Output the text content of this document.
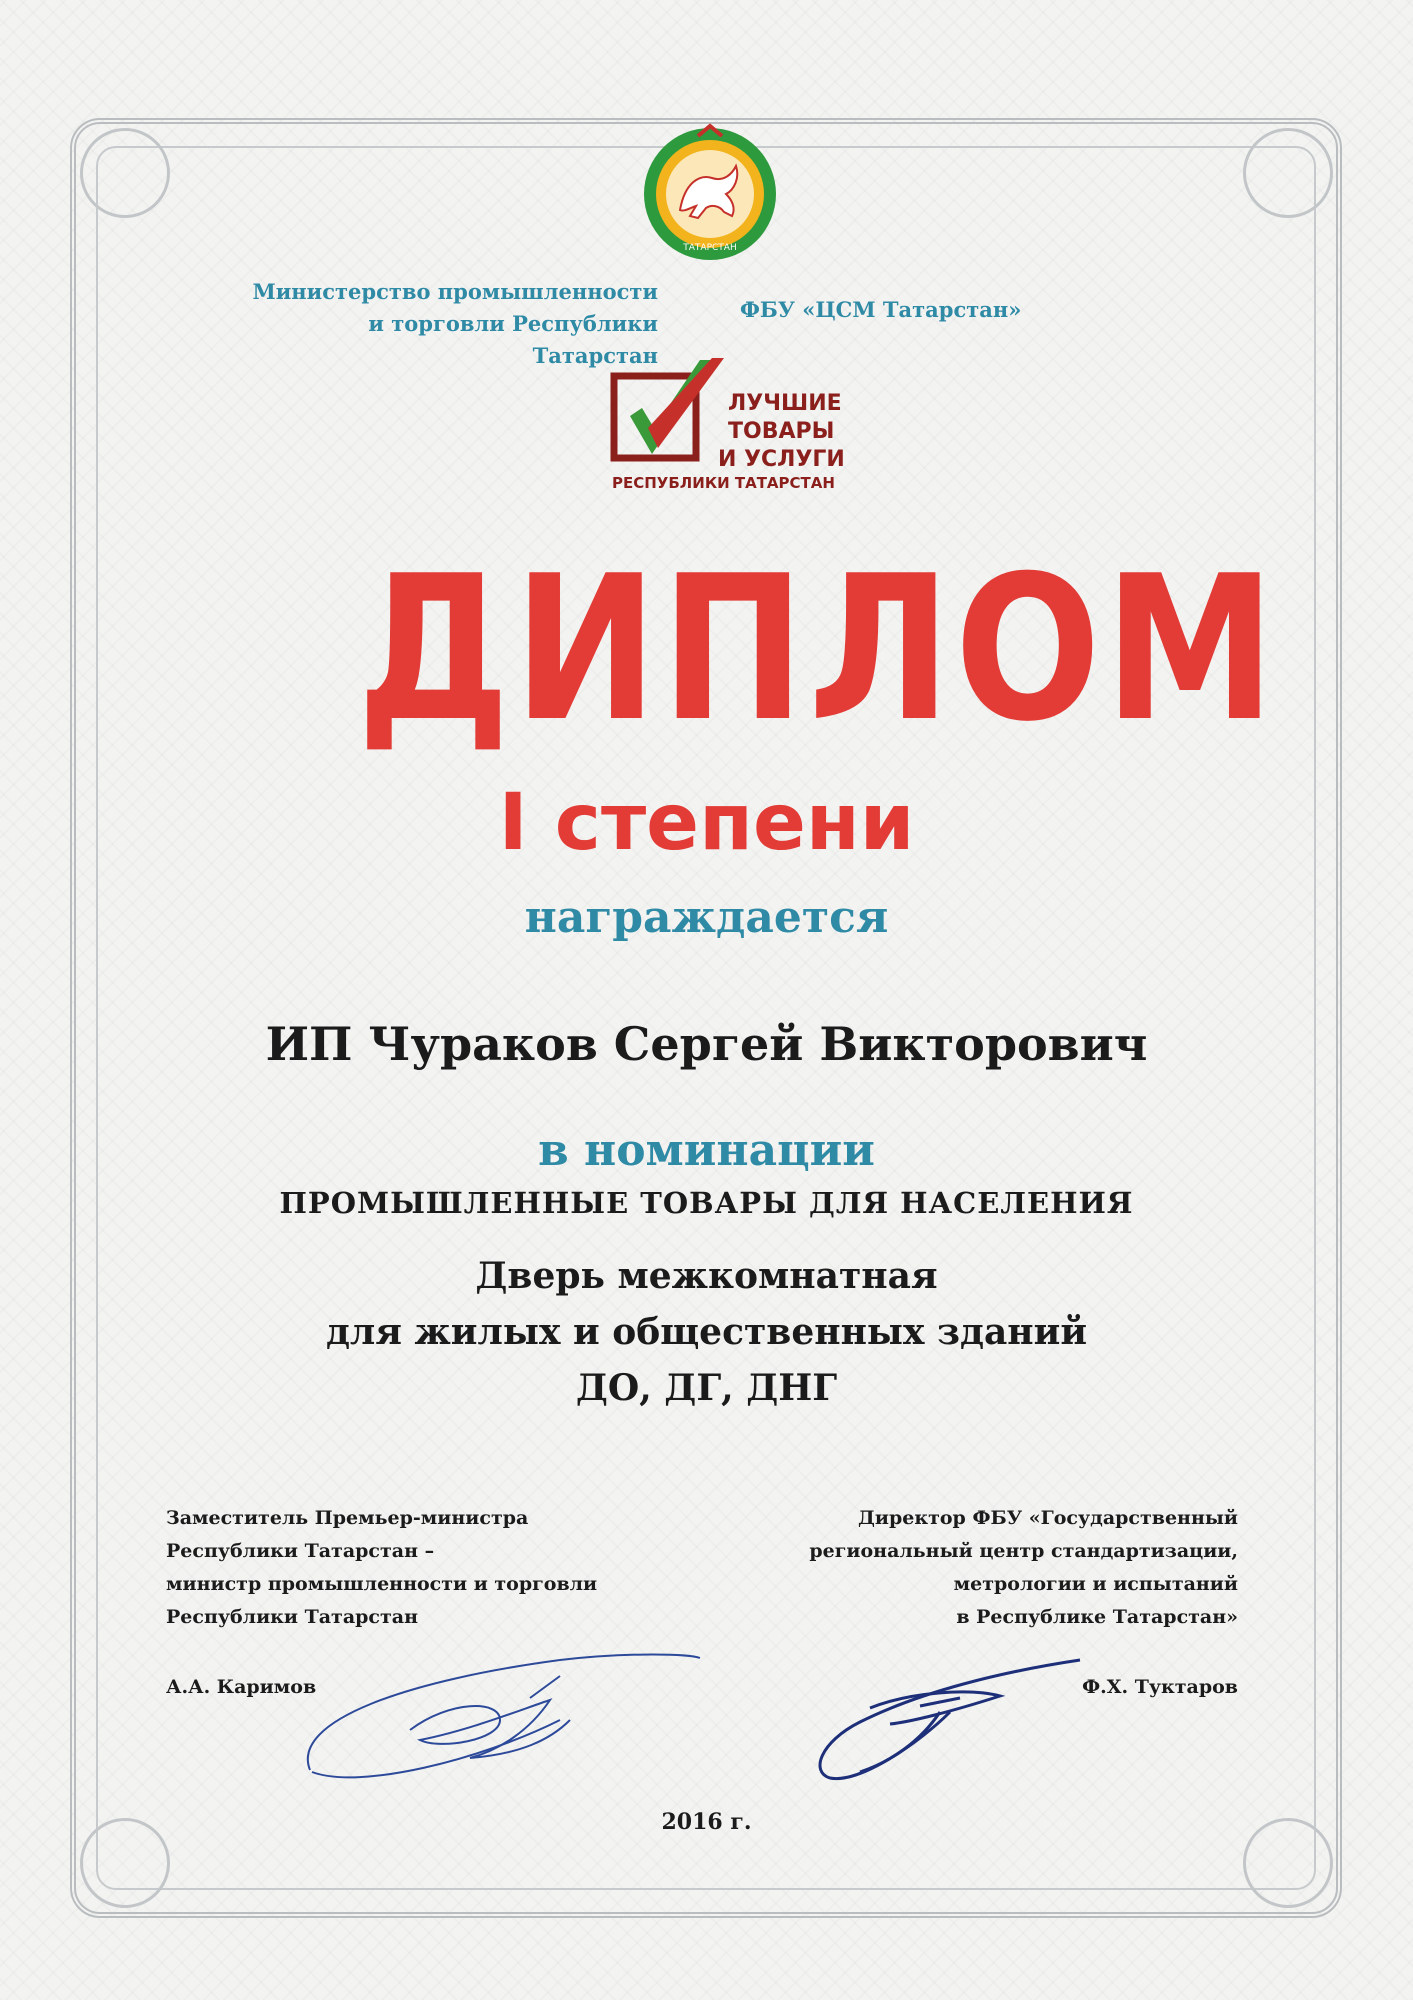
ТАТАРСТАН
Министерство промышленности
и торговли Республики Татарстан
ФБУ «ЦСМ Татарстан»
ЛУЧШИЕ
ТОВАРЫ
И УСЛУГИ
РЕСПУБЛИКИ ТАТАРСТАН
ДИПЛОМ
I степени
награждается
ИП Чураков Сергей Викторович
в номинации
ПРОМЫШЛЕННЫЕ ТОВАРЫ ДЛЯ НАСЕЛЕНИЯ
Дверь межкомнатная
для жилых и общественных зданий
ДО, ДГ, ДНГ
Заместитель Премьер-министра
Республики Татарстан –
министр промышленности и торговли
Республики Татарстан
Директор ФБУ «Государственный
региональный центр стандартизации,
метрологии и испытаний
в Республике Татарстан»
А.А. Каримов	Ф.Х. Туктаров
2016 г.
